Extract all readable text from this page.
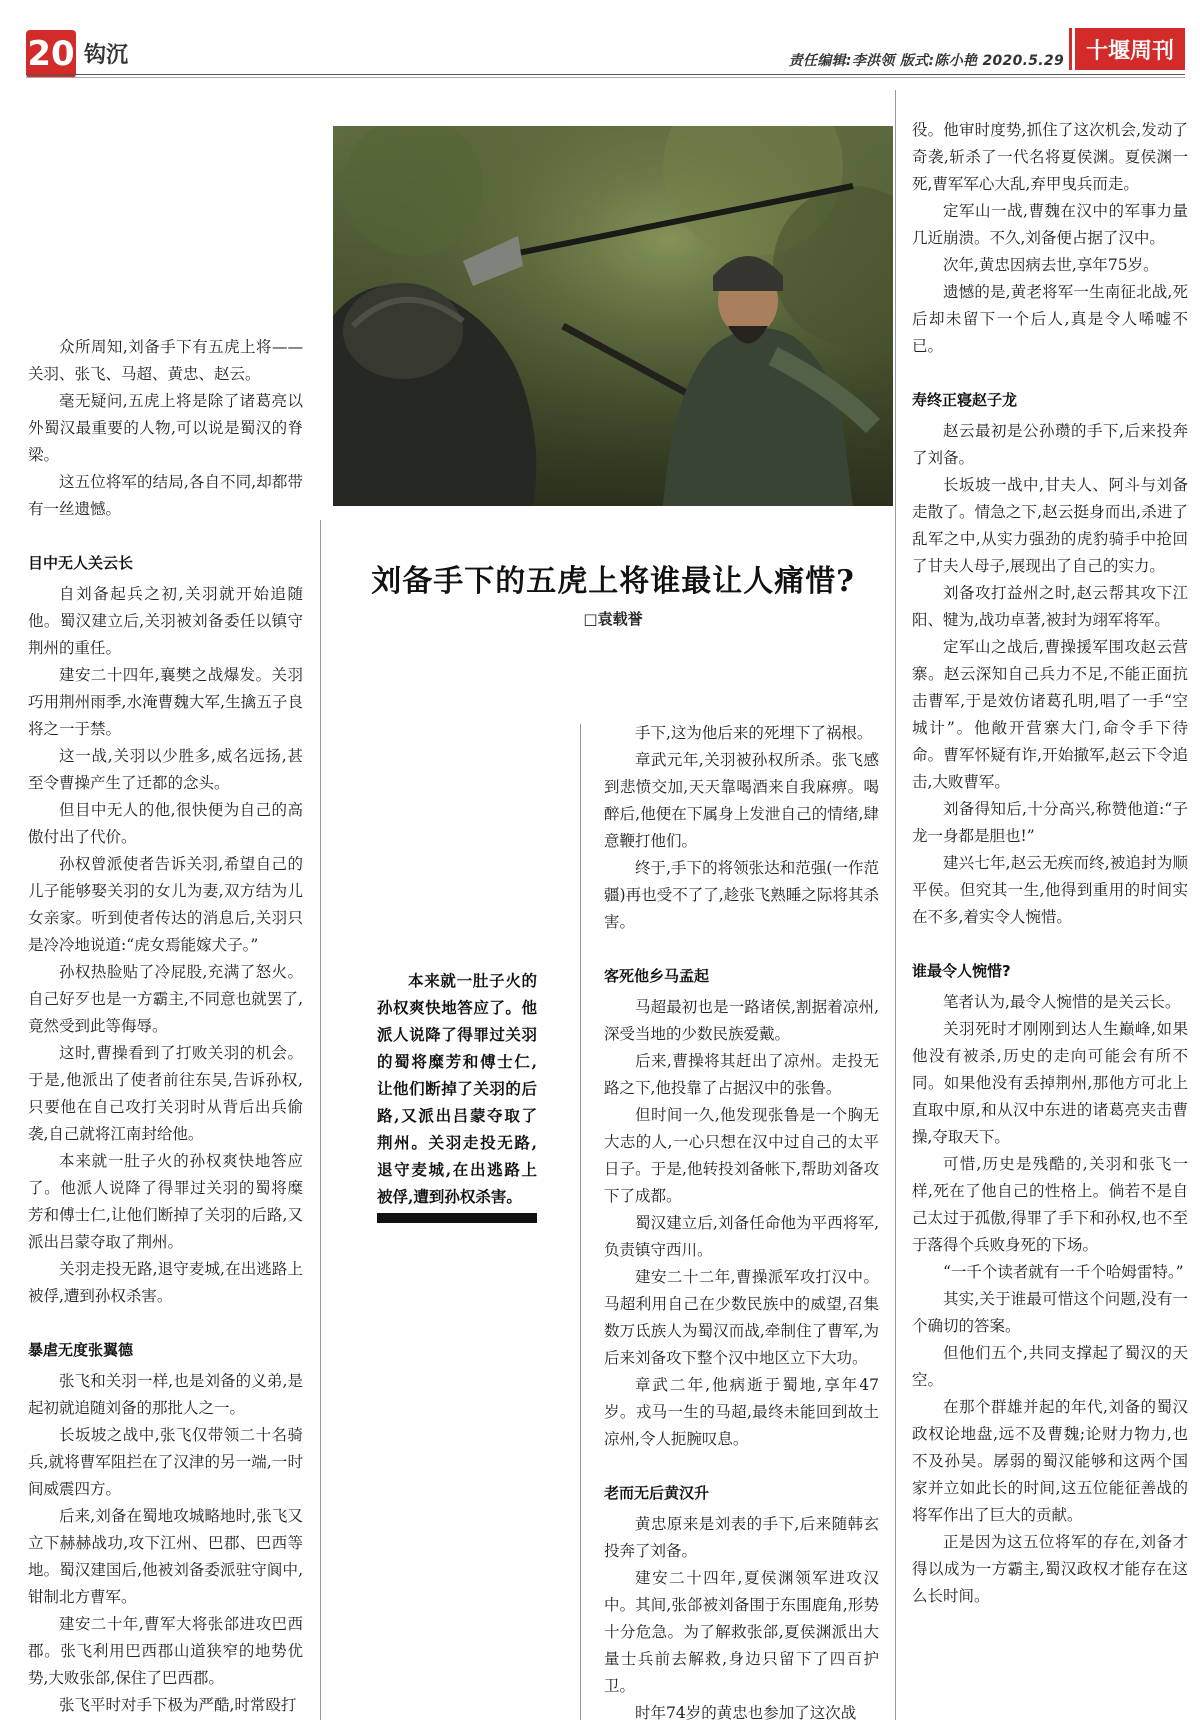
20 钩沉	责任编辑:李洪领 版式:陈小艳 2020.5.29 十堰周刊
刘备手下的五虎上将谁最让人痛惜?
□袁载誉

本来就一肚子火的孙权爽快地答应了。他派人说降了得罪过关羽的蜀将糜芳和傅士仁,让他们断掉了关羽的后路,又派出吕蒙夺取了荆州。关羽走投无路,退守麦城,在出逃路上被俘,遭到孙权杀害。

众所周知,刘备手下有五虎上将——关羽、张飞、马超、黄忠、赵云。

毫无疑问,五虎上将是除了诸葛亮以外蜀汉最重要的人物,可以说是蜀汉的脊梁。

这五位将军的结局,各自不同,却都带有一丝遗憾。

目中无人关云长

自刘备起兵之初,关羽就开始追随他。蜀汉建立后,关羽被刘备委任以镇守荆州的重任。

建安二十四年,襄樊之战爆发。关羽巧用荆州雨季,水淹曹魏大军,生擒五子良将之一于禁。

这一战,关羽以少胜多,威名远扬,甚至令曹操产生了迁都的念头。

但目中无人的他,很快便为自己的高傲付出了代价。

孙权曾派使者告诉关羽,希望自己的儿子能够娶关羽的女儿为妻,双方结为儿女亲家。听到使者传达的消息后,关羽只是冷冷地说道:“虎女焉能嫁犬子。”

孙权热脸贴了冷屁股,充满了怒火。自己好歹也是一方霸主,不同意也就罢了,竟然受到此等侮辱。

这时,曹操看到了打败关羽的机会。于是,他派出了使者前往东吴,告诉孙权,只要他在自己攻打关羽时从背后出兵偷袭,自己就将江南封给他。

本来就一肚子火的孙权爽快地答应了。他派人说降了得罪过关羽的蜀将糜芳和傅士仁,让他们断掉了关羽的后路,又派出吕蒙夺取了荆州。

关羽走投无路,退守麦城,在出逃路上被俘,遭到孙权杀害。

暴虐无度张翼德

张飞和关羽一样,也是刘备的义弟,是起初就追随刘备的那批人之一。

长坂坡之战中,张飞仅带领二十名骑兵,就将曹军阻拦在了汉津的另一端,一时间威震四方。

后来,刘备在蜀地攻城略地时,张飞又立下赫赫战功,攻下江州、巴郡、巴西等地。蜀汉建国后,他被刘备委派驻守阆中,钳制北方曹军。

建安二十年,曹军大将张郃进攻巴西郡。张飞利用巴西郡山道狭窄的地势优势,大败张郃,保住了巴西郡。

张飞平时对手下极为严酷,时常殴打

手下,这为他后来的死埋下了祸根。

章武元年,关羽被孙权所杀。张飞感到悲愤交加,天天靠喝酒来自我麻痹。喝醉后,他便在下属身上发泄自己的情绪,肆意鞭打他们。

终于,手下的将领张达和范强(一作范疆)再也受不了了,趁张飞熟睡之际将其杀害。

客死他乡马孟起

马超最初也是一路诸侯,割据着凉州,深受当地的少数民族爱戴。

后来,曹操将其赶出了凉州。走投无路之下,他投靠了占据汉中的张鲁。

但时间一久,他发现张鲁是一个胸无大志的人,一心只想在汉中过自己的太平日子。于是,他转投刘备帐下,帮助刘备攻下了成都。

蜀汉建立后,刘备任命他为平西将军,负责镇守西川。

建安二十二年,曹操派军攻打汉中。马超利用自己在少数民族中的威望,召集数万氐族人为蜀汉而战,牵制住了曹军,为后来刘备攻下整个汉中地区立下大功。

章武二年,他病逝于蜀地,享年47岁。戎马一生的马超,最终未能回到故土凉州,令人扼腕叹息。

老而无后黄汉升

黄忠原来是刘表的手下,后来随韩玄投奔了刘备。

建安二十四年,夏侯渊领军进攻汉中。其间,张郃被刘备围于东围鹿角,形势十分危急。为了解救张郃,夏侯渊派出大量士兵前去解救,身边只留下了四百护卫。

时年74岁的黄忠也参加了这次战

役。他审时度势,抓住了这次机会,发动了奇袭,斩杀了一代名将夏侯渊。夏侯渊一死,曹军军心大乱,弃甲曳兵而走。

定军山一战,曹魏在汉中的军事力量几近崩溃。不久,刘备便占据了汉中。

次年,黄忠因病去世,享年75岁。

遗憾的是,黄老将军一生南征北战,死后却未留下一个后人,真是令人唏嘘不已。

寿终正寝赵子龙

赵云最初是公孙瓒的手下,后来投奔了刘备。

长坂坡一战中,甘夫人、阿斗与刘备走散了。情急之下,赵云挺身而出,杀进了乱军之中,从实力强劲的虎豹骑手中抢回了甘夫人母子,展现出了自己的实力。

刘备攻打益州之时,赵云帮其攻下江阳、犍为,战功卓著,被封为翊军将军。

定军山之战后,曹操援军围攻赵云营寨。赵云深知自己兵力不足,不能正面抗击曹军,于是效仿诸葛孔明,唱了一手“空城计”。他敞开营寨大门,命令手下待命。曹军怀疑有诈,开始撤军,赵云下令追击,大败曹军。

刘备得知后,十分高兴,称赞他道:“子龙一身都是胆也!”

建兴七年,赵云无疾而终,被追封为顺平侯。但究其一生,他得到重用的时间实在不多,着实令人惋惜。

谁最令人惋惜?

笔者认为,最令人惋惜的是关云长。

关羽死时才刚刚到达人生巅峰,如果他没有被杀,历史的走向可能会有所不同。如果他没有丢掉荆州,那他方可北上直取中原,和从汉中东进的诸葛亮夹击曹操,夺取天下。

可惜,历史是残酷的,关羽和张飞一样,死在了他自己的性格上。倘若不是自己太过于孤傲,得罪了手下和孙权,也不至于落得个兵败身死的下场。

“一千个读者就有一千个哈姆雷特。”

其实,关于谁最可惜这个问题,没有一个确切的答案。

但他们五个,共同支撑起了蜀汉的天空。

在那个群雄并起的年代,刘备的蜀汉政权论地盘,远不及曹魏;论财力物力,也不及孙吴。孱弱的蜀汉能够和这两个国家并立如此长的时间,这五位能征善战的将军作出了巨大的贡献。

正是因为这五位将军的存在,刘备才得以成为一方霸主,蜀汉政权才能存在这么长时间。
